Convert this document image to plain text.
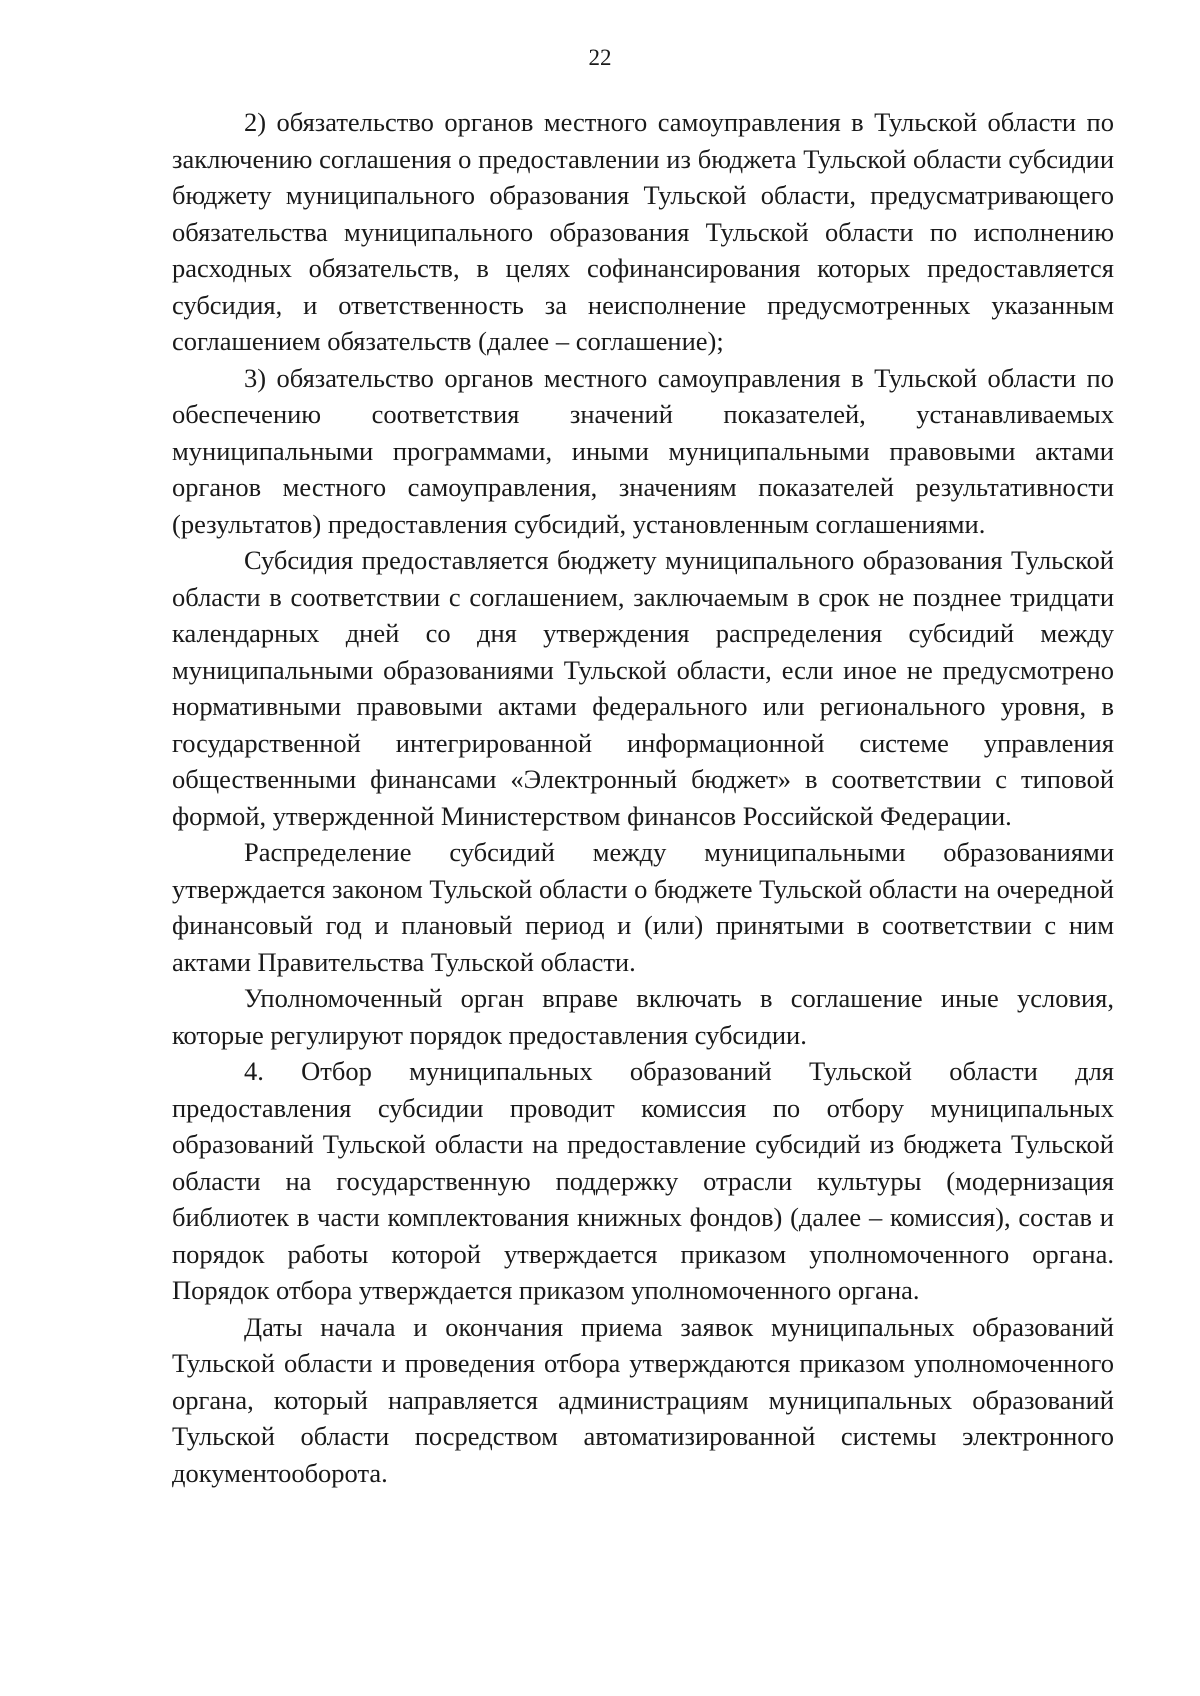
22

2) обязательство органов местного самоуправления в Тульской области по заключению соглашения о предоставлении из бюджета Тульской области субсидии бюджету муниципального образования Тульской области, предусматривающего обязательства муниципального образования Тульской области по исполнению расходных обязательств, в целях софинансирования которых предоставляется субсидия, и ответственность за неисполнение предусмотренных указанным соглашением обязательств (далее – соглашение);

3) обязательство органов местного самоуправления в Тульской области по обеспечению соответствия значений показателей, устанавливаемых муниципальными программами, иными муниципальными правовыми актами органов местного самоуправления, значениям показателей результативности (результатов) предоставления субсидий, установленным соглашениями.

Субсидия предоставляется бюджету муниципального образования Тульской области в соответствии с соглашением, заключаемым в срок не позднее тридцати календарных дней со дня утверждения распределения субсидий между муниципальными образованиями Тульской области, если иное не предусмотрено нормативными правовыми актами федерального или регионального уровня, в государственной интегрированной информационной системе управления общественными финансами «Электронный бюджет» в соответствии с типовой формой, утвержденной Министерством финансов Российской Федерации.

Распределение субсидий между муниципальными образованиями утверждается законом Тульской области о бюджете Тульской области на очередной финансовый год и плановый период и (или) принятыми в соответствии с ним актами Правительства Тульской области.

Уполномоченный орган вправе включать в соглашение иные условия, которые регулируют порядок предоставления субсидии.

4. Отбор муниципальных образований Тульской области для предоставления субсидии проводит комиссия по отбору муниципальных образований Тульской области на предоставление субсидий из бюджета Тульской области на государственную поддержку отрасли культуры (модернизация библиотек в части комплектования книжных фондов) (далее – комиссия), состав и порядок работы которой утверждается приказом уполномоченного органа. Порядок отбора утверждается приказом уполномоченного органа.

Даты начала и окончания приема заявок муниципальных образований Тульской области и проведения отбора утверждаются приказом уполномоченного органа, который направляется администрациям муниципальных образований Тульской области посредством автоматизированной системы электронного документооборота.
